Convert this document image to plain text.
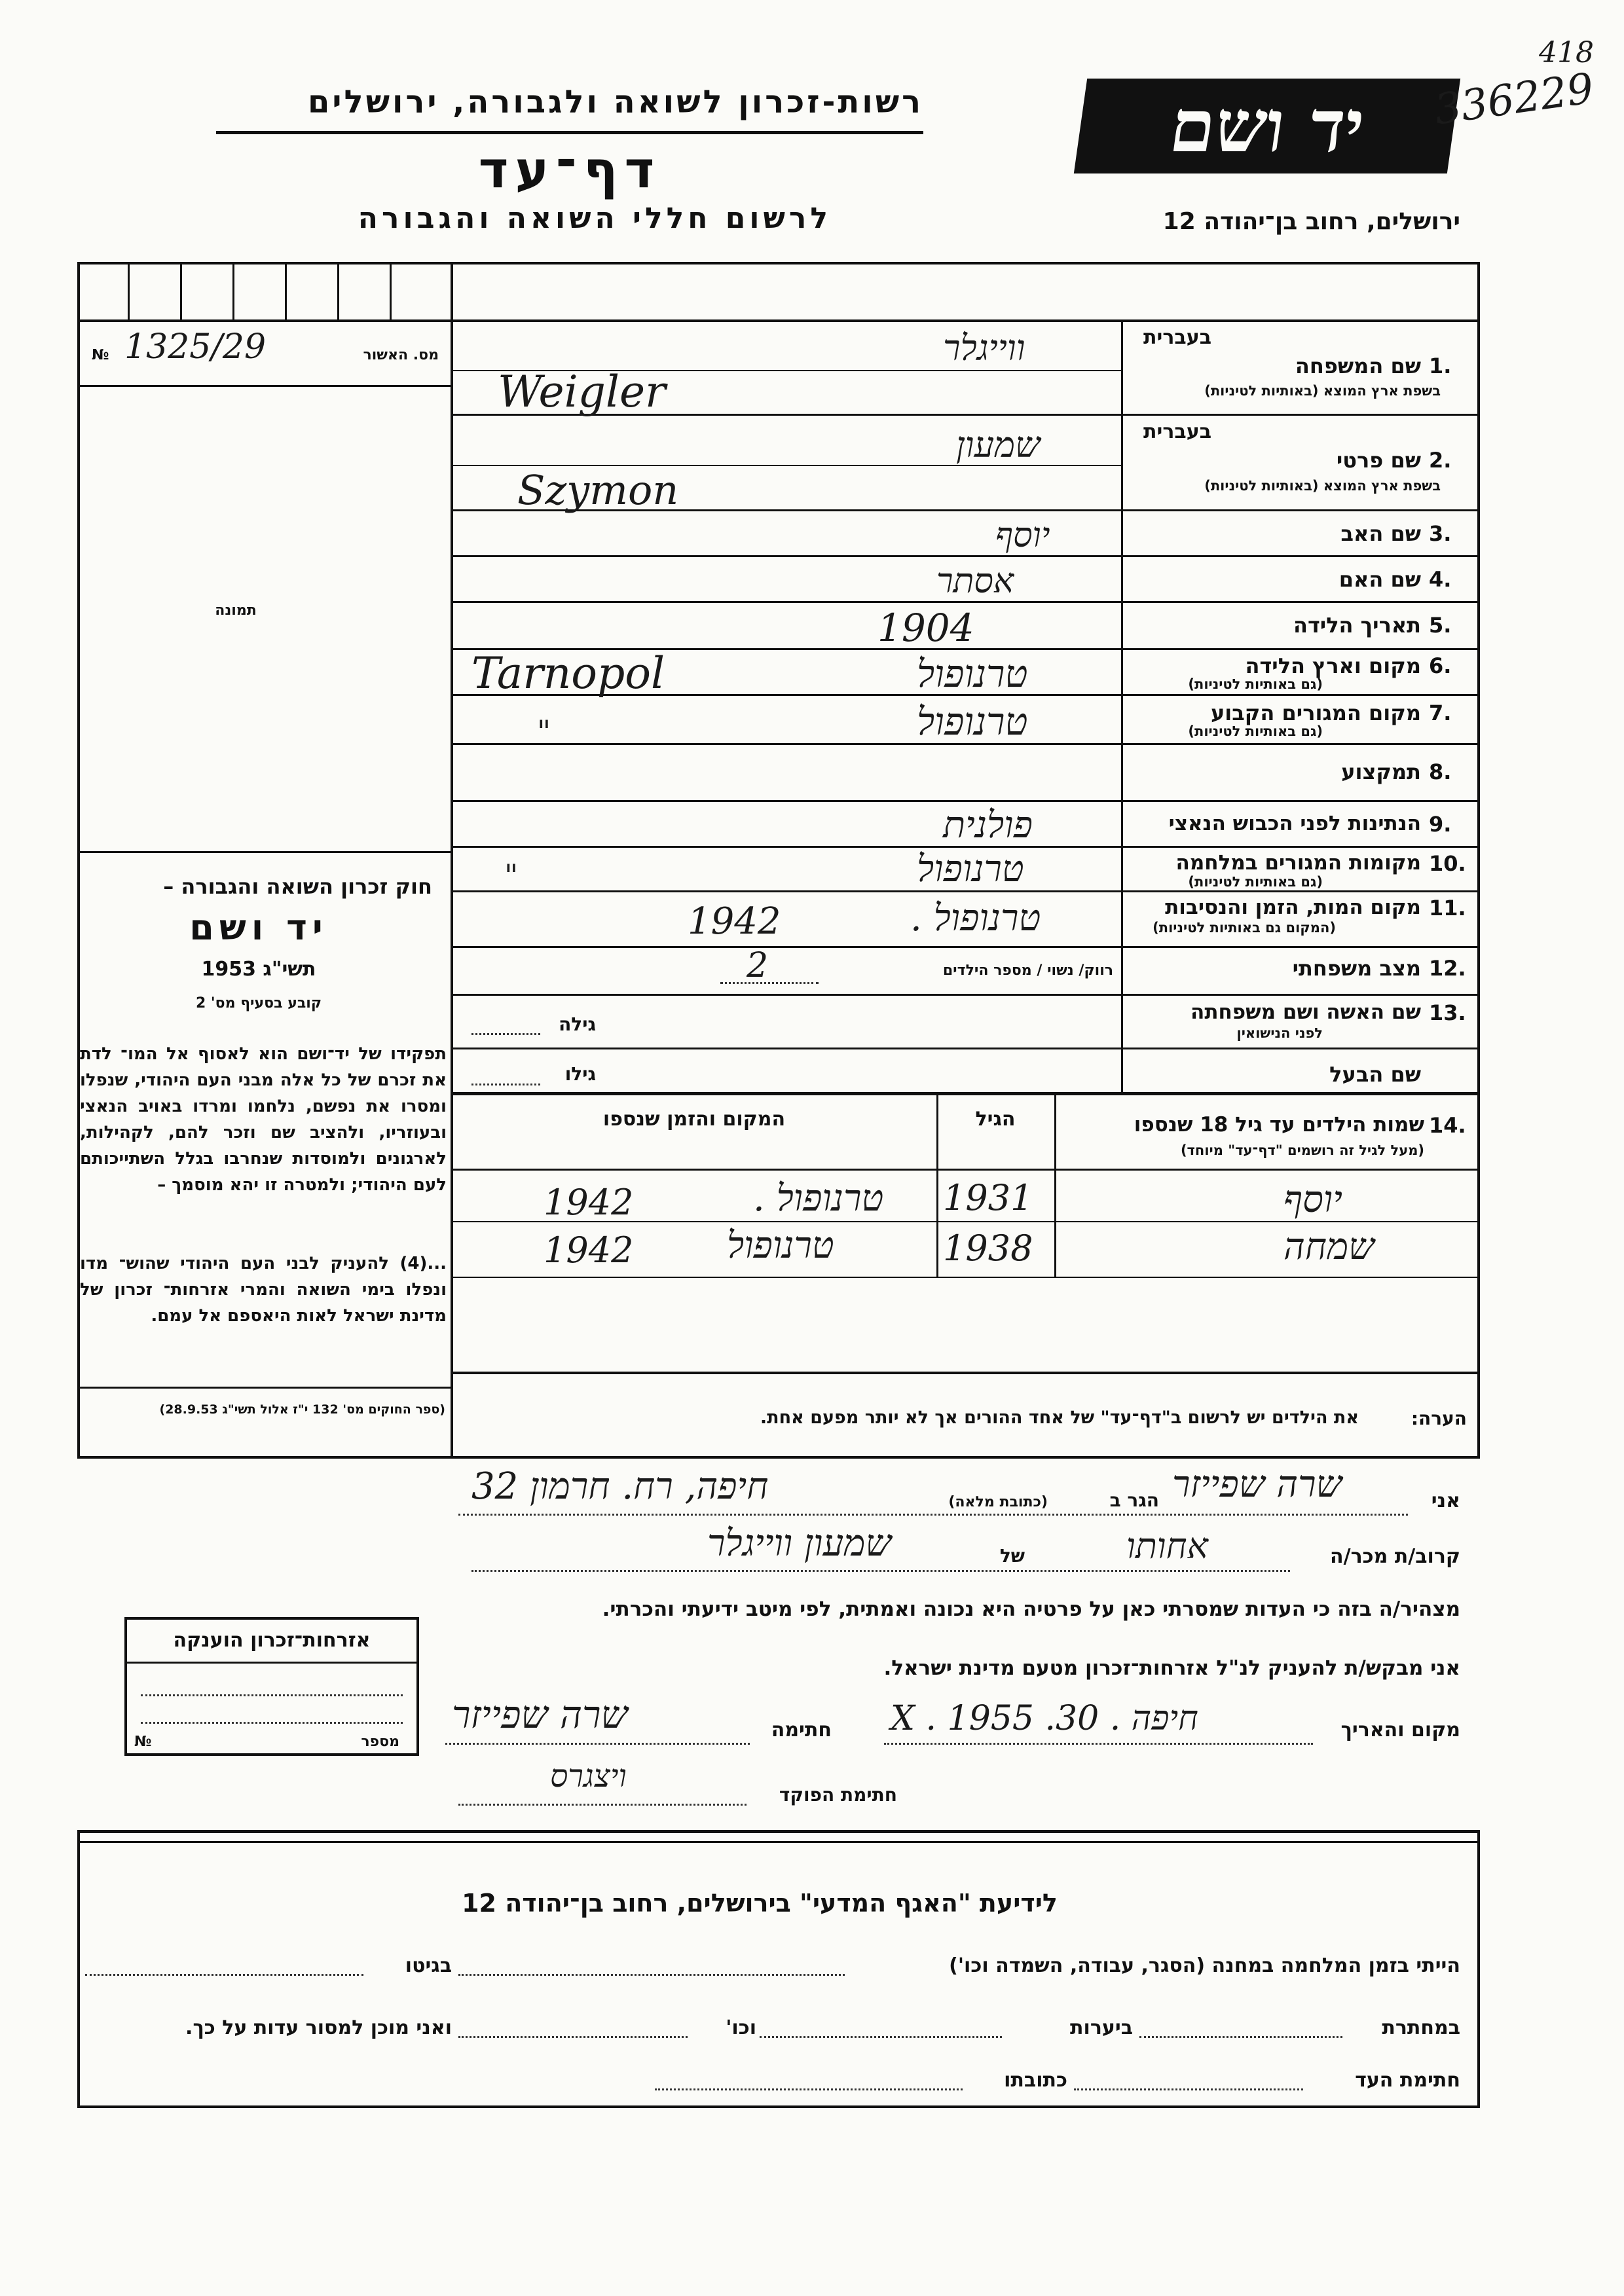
418
יד ושם	336229
רשות-זכרון לשואה ולגבורה, ירושלים
דף־עד
לרשום חללי השואה והגבורה	ירושלים, רחוב בן־יהודה 12
מס. האשור
№ 1325/29
תמונה
חוק זכרון השואה והגבורה –
יד ושם
תשי"ג 1953
קובע בסעיף מס' 2
תפקידו של יד־ושם הוא לאסוף אל המו־ לדת את זכרם של כל אלה מבני העם היהודי, שנפלו ומסרו את נפשם, נלחמו ומרדו באויב הנאצי ובעוזריו, ולהציב שם וזכר להם, לקהילות, לארגונים ולמוסדות שנחרבו בגלל השתייכותם לעם היהודי; ולמטרה זו יהא מוסמך –
...(4) להעניק לבני העם היהודי שהוש־ מדו ונפלו בימי השואה והמרי אזרחות־ זכרון של מדינת ישראל לאות היאספם אל עמם.
(ספר החוקים מס' 132 י"ז אלול תשי"ג 28.9.53)
בעברית
שם המשפחה 1.
בשפת ארץ המוצא (באותיות לטיניות)
ווייגלר
Weigler
בעברית
שם פרטי 2.
בשפת ארץ המוצא (באותיות לטיניות)
שמעון
Szymon
שם האב 3.
יוסף
שם האם 4.
אסתר
תאריך הלידה 5.
1904
מקום וארץ הלידה 6.
(גם באותיות לטיניות)
טרנופול
Tarnopol
מקום המגורים הקבוע 7.
(גם באותיות לטיניות)
טרנופול
"
תמקצוע 8.
הנתינות לפני הכבוש הנאצי 9.
פולנית
מקומות המגורים במלחמה 10.
(גם באותיות לטיניות)
טרנופול
"
מקום המות, הזמן והנסיבות 11.
(המקום גם באותיות לטיניות)
טרנופול .
1942
מצב משפחתי 12.
רווק/ נשוי / מספר הילדים
2
שם האשה ושם משפחתה 13.
לפני הנישואין
גילה
שם הבעל
גילו
שמות הילדים עד גיל 18 שנספו 14.
(מעל לגיל זה רושמים "דף־עד" מיוחד)
הגיל
המקום והזמן שנספו
יוסף
1931
טרנופול .
1942
שמחה
1938
טרנופול
1942
הערה:
את הילדים יש לרשום ב"דף־עד" של אחד ההורים אך לא יותר מפעם אחת.
אני
שרה שפייזר
הגר ב
(כתובת מלאה)
חיפה, רח. חרמון 32
קרוב/ת מכר/ה
אחותו
של
שמעון ווייגלר
מצהיר/ה בזה כי העדות שמסרתי כאן על פרטיה היא נכונה ואמתית, לפי מיטב ידיעתי והכרתי.
אני מבקש/ת להעניק לנ"ל אזרחות־זכרון מטעם מדינת ישראל.
מקום והאריך
חיפה . 30. X . 1955
חתימה
שרה שפייזר
חתימת הפוקד
ויצגרס
אזרחות־זכרון הוענקה
מספר
№
לידיעת "האגף המדעי" בירושלים, רחוב בן־יהודה 12
הייתי בזמן המלחמה במחנה (הסגר, עבודה, השמדה וכו')
בגיטו
במחתרת
ביערות
וכו'
ואני מוכן למסור עדות על כך.
חתימת העד
כתובתו
